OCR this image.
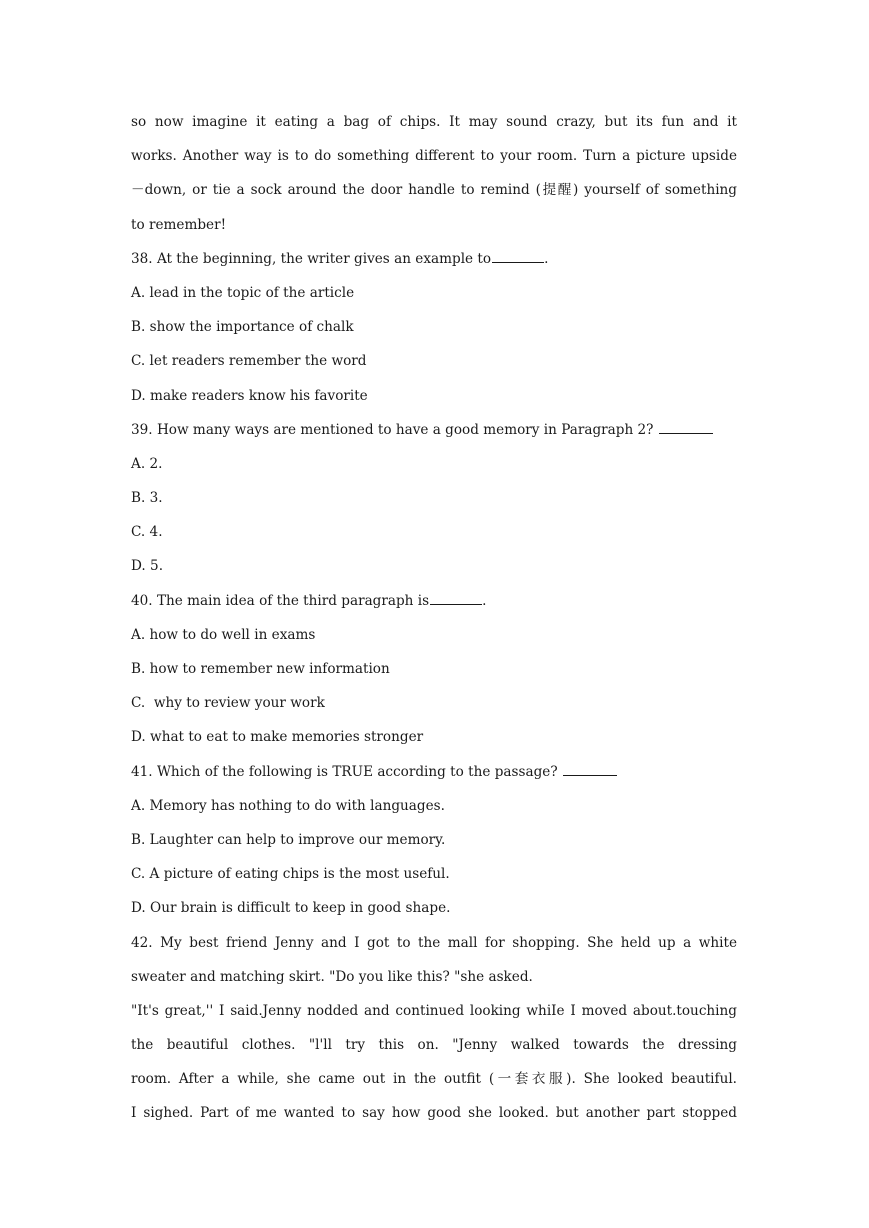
so now imagine it eating a bag of chips. It may sound crazy, but its fun and it
works. Another way is to do something different to your room. Turn a picture upside
－down, or tie a sock around the door handle to remind (提醒) yourself of something
to remember!
38. At the beginning, the writer gives an example to	.
A. lead in the topic of the article
B. show the importance of chalk
C. let readers remember the word
D. make readers know his favorite
39. How many ways are mentioned to have a good memory in Paragraph 2?
A. 2.
B. 3.
C. 4.
D. 5.
40. The main idea of the third paragraph is	.
A. how to do well in exams
B. how to remember new information
C.  why to review your work
D. what to eat to make memories stronger
41. Which of the following is TRUE according to the passage?
A. Memory has nothing to do with languages.
B. Laughter can help to improve our memory.
C. A picture of eating chips is the most useful.
D. Our brain is difficult to keep in good shape.
42. My best friend Jenny and I got to the mall for shopping. She held up a white
sweater and matching skirt. "Do you like this? "she asked.
"It's great,'' I said.Jenny nodded and continued looking whiIe I moved about.touching
the beautiful clothes. "l'll try this on. "Jenny walked towards the dressing
room. After a while, she came out in the outfit (一套衣服). She looked beautiful.
I sighed. Part of me wanted to say how good she looked. but another part stopped
